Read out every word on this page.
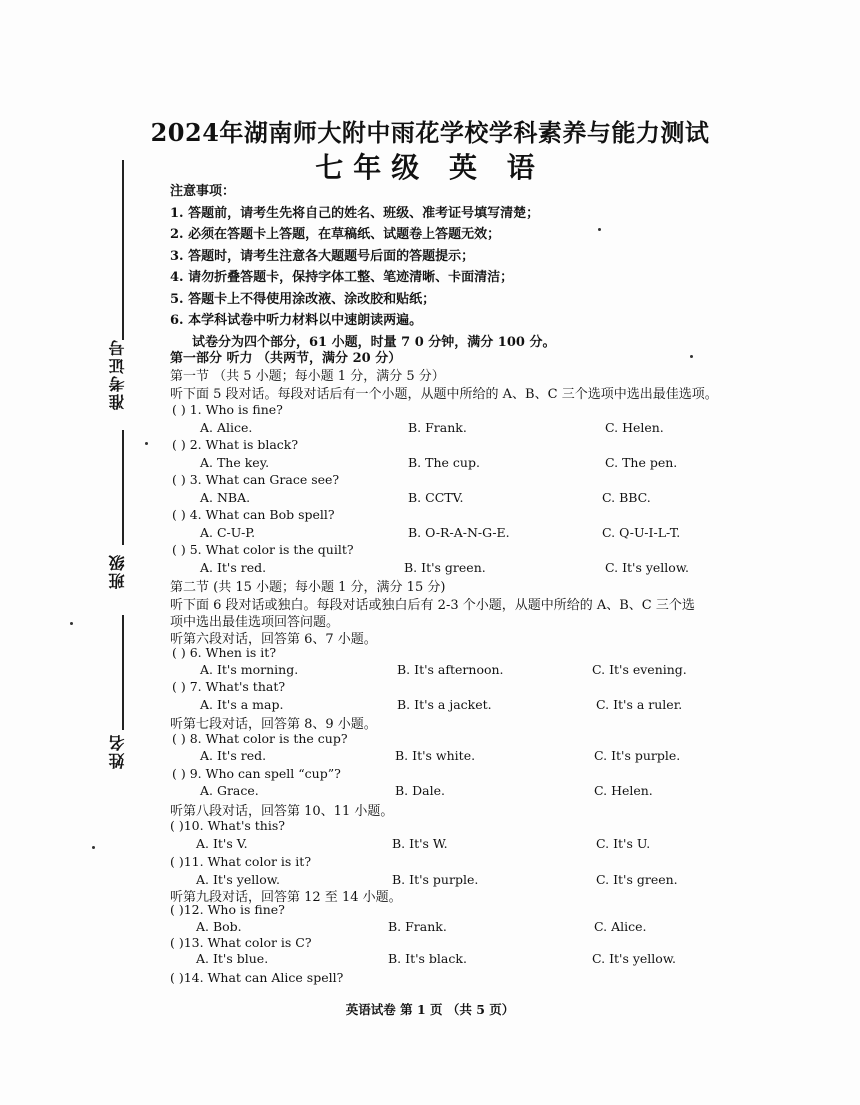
准考证号
班级
姓名
2024年湖南师大附中雨花学校学科素养与能力测试
七年级 英 语
注意事项：
1. 答题前，请考生先将自己的姓名、班级、准考证号填写清楚；
2. 必须在答题卡上答题，在草稿纸、试题卷上答题无效；
3. 答题时，请考生注意各大题题号后面的答题提示；
4. 请勿折叠答题卡，保持字体工整、笔迹清晰、卡面清洁；
5. 答题卡上不得使用涂改液、涂改胶和贴纸；
6. 本学科试卷中听力材料以中速朗读两遍。
试卷分为四个部分，61 小题，时量 7 0 分钟，满分 100 分。
第一部分 听力 （共两节，满分 20 分）
第一节 （共 5 小题；每小题 1 分，满分 5 分）
听下面 5 段对话。每段对话后有一个小题，从题中所给的 A、B、C 三个选项中选出最佳选项。
( ) 1. Who is fine?
A. Alice.	B. Frank.	C. Helen.
( ) 2. What is black?
A. The key.	B. The cup.	C. The pen.
( ) 3. What can Grace see?
A. NBA.	B. CCTV.	C. BBC.
( ) 4. What can Bob spell?
A. C-U-P.	B. O-R-A-N-G-E.	C. Q-U-I-L-T.
( ) 5. What color is the quilt?
A. It's red.	B. It's green.	C. It's yellow.
第二节 (共 15 小题；每小题 1 分，满分 15 分)
听下面 6 段对话或独白。每段对话或独白后有 2-3 个小题，从题中所给的 A、B、C 三个选
项中选出最佳选项回答问题。
听第六段对话，回答第 6、7 小题。
( ) 6. When is it?
A. It's morning.	B. It's afternoon.	C. It's evening.
( ) 7. What's that?
A. It's a map.	B. It's a jacket.	C. It's a ruler.
听第七段对话，回答第 8、9 小题。
( ) 8. What color is the cup?
A. It's red.	B. It's white.	C. It's purple.
( ) 9. Who can spell “cup”?
A. Grace.	B. Dale.	C. Helen.
听第八段对话，回答第 10、11 小题。
( )10. What's this?
A. It's V.	B. It's W.	C. It's U.
( )11. What color is it?
A. It's yellow.	B. It's purple.	C. It's green.
听第九段对话，回答第 12 至 14 小题。
( )12. Who is fine?
A. Bob.	B. Frank.	C. Alice.
( )13. What color is C?
A. It's blue.	B. It's black.	C. It's yellow.
( )14. What can Alice spell?
英语试卷 第 1 页 （共 5 页）
